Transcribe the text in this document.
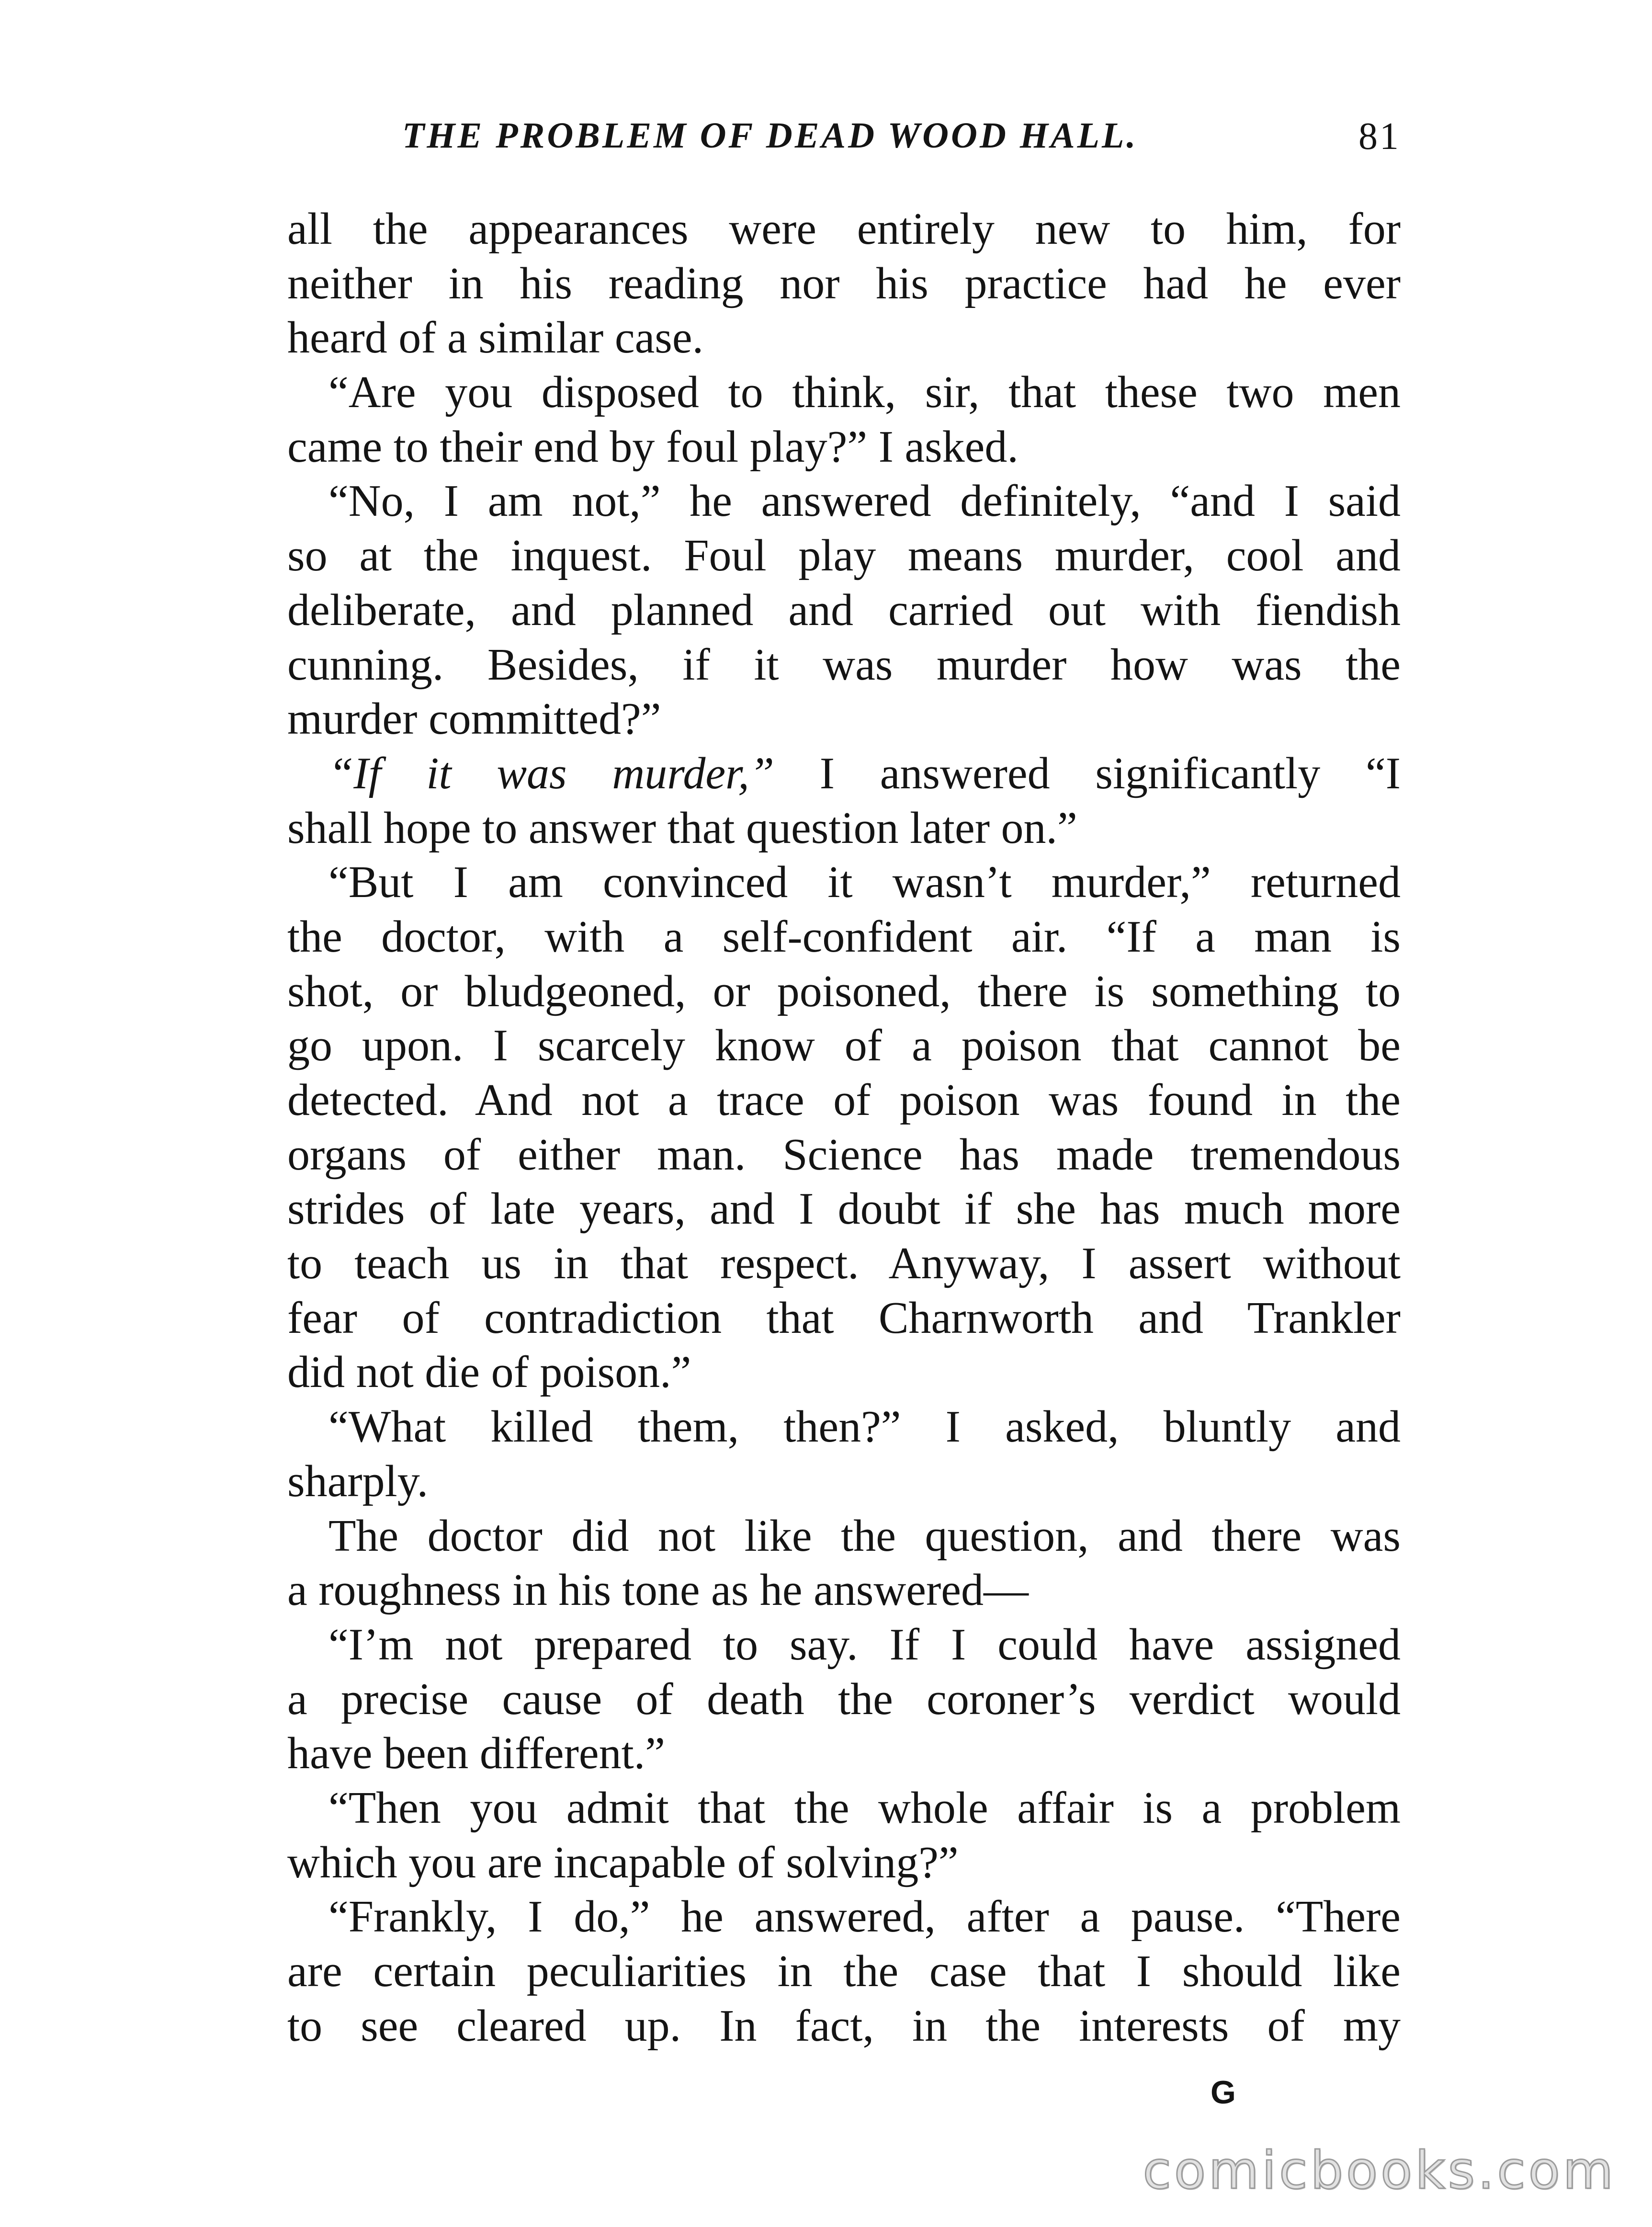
THE PROBLEM OF DEAD WOOD HALL.	81
all the appearances were entirely new to him, for
neither in his reading nor his practice had he ever
heard of a similar case.
“Are you disposed to think, sir, that these two men
came to their end by foul play?” I asked.
“No, I am not,” he answered definitely, “and I said
so at the inquest. Foul play means murder, cool and
deliberate, and planned and carried out with fiendish
cunning. Besides, if it was murder how was the
murder committed?”
“If it was murder,” I answered significantly “I
shall hope to answer that question later on.”
“But I am convinced it wasn’t murder,” returned
the doctor, with a self-confident air. “If a man is
shot, or bludgeoned, or poisoned, there is something to
go upon. I scarcely know of a poison that cannot be
detected. And not a trace of poison was found in the
organs of either man. Science has made tremendous
strides of late years, and I doubt if she has much more
to teach us in that respect. Anyway, I assert without
fear of contradiction that Charnworth and Trankler
did not die of poison.”
“What killed them, then?” I asked, bluntly and
sharply.
The doctor did not like the question, and there was
a roughness in his tone as he answered—
“I’m not prepared to say. If I could have assigned
a precise cause of death the coroner’s verdict would
have been different.”
“Then you admit that the whole affair is a problem
which you are incapable of solving?”
“Frankly, I do,” he answered, after a pause. “There
are certain peculiarities in the case that I should like
to see cleared up. In fact, in the interests of my
G
comicbooks.com
